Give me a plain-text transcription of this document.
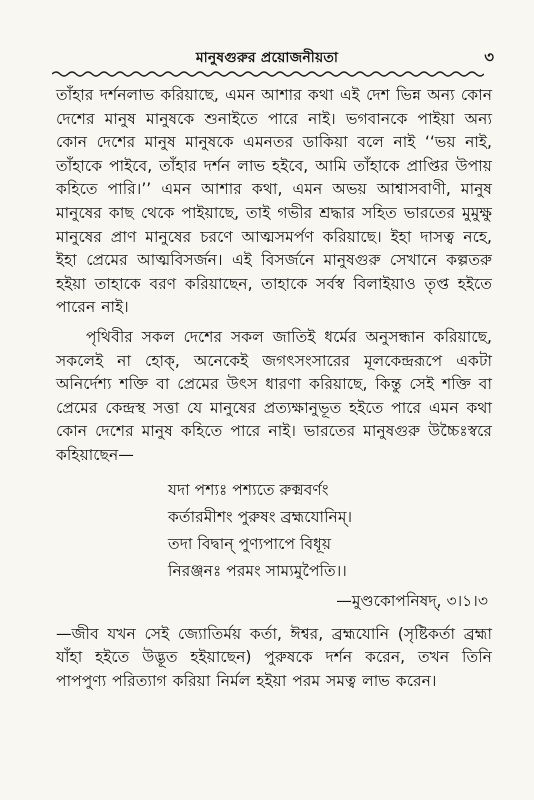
মানুষগুরুর প্রয়োজনীয়তা	৩

তাঁহার দর্শনলাভ করিয়াছে, এমন আশার কথা এই দেশ ভিন্ন অন্য কোন দেশের মানুষ মানুষকে শুনাইতে পারে নাই। ভগবানকে পাইয়া অন্য কোন দেশের মানুষ মানুষকে এমনতর ডাকিয়া বলে নাই ‘‘ভয় নাই, তাঁহাকে পাইবে, তাঁহার দর্শন লাভ হইবে, আমি তাঁহাকে প্রাপ্তির উপায় কহিতে পারি।’’ এমন আশার কথা, এমন অভয় আশ্বাসবাণী, মানুষ মানুষের কাছ থেকে পাইয়াছে, তাই গভীর শ্রদ্ধার সহিত ভারতের মুমুক্ষু মানুষের প্রাণ মানুষের চরণে আত্মসমর্পণ করিয়াছে। ইহা দাসত্ব নহে, ইহা প্রেমের আত্মবিসর্জন। এই বিসর্জনে মানুষগুরু সেখানে কল্পতরু হইয়া তাহাকে বরণ করিয়াছেন, তাহাকে সর্বস্ব বিলাইয়াও তৃপ্ত হইতে পারেন নাই।

পৃথিবীর সকল দেশের সকল জাতিই ধর্মের অনুসন্ধান করিয়াছে, সকলেই না হোক্‌, অনেকেই জগৎসংসারের মূলকেন্দ্ররূপে একটা অনির্দেশ্য শক্তি বা প্রেমের উৎস ধারণা করিয়াছে, কিন্তু সেই শক্তি বা প্রেমের কেন্দ্রস্থ সত্তা যে মানুষের প্রত্যক্ষানুভূত হইতে পারে এমন কথা কোন দেশের মানুষ কহিতে পারে নাই। ভারতের মানুষগুরু উচ্চৈঃস্বরে কহিয়াছেন—

যদা পশ্যঃ পশ্যতে রুক্মবর্ণং
কর্তারমীশং পুরুষং ব্রহ্মযোনিম্।
তদা বিদ্বান্ পুণ্যপাপে বিধূয়
নিরঞ্জনঃ পরমং সাম্যমুপৈতি।।
—মুণ্ডকোপনিষদ্, ৩।১।৩

—জীব যখন সেই জ্যোতির্ময় কর্তা, ঈশ্বর, ব্রহ্মযোনি (সৃষ্টিকর্তা ব্রহ্মা যাঁহা হইতে উদ্ভূত হইয়াছেন) পুরুষকে দর্শন করেন, তখন তিনি পাপপুণ্য পরিত্যাগ করিয়া নির্মল হইয়া পরম সমত্ব লাভ করেন।
